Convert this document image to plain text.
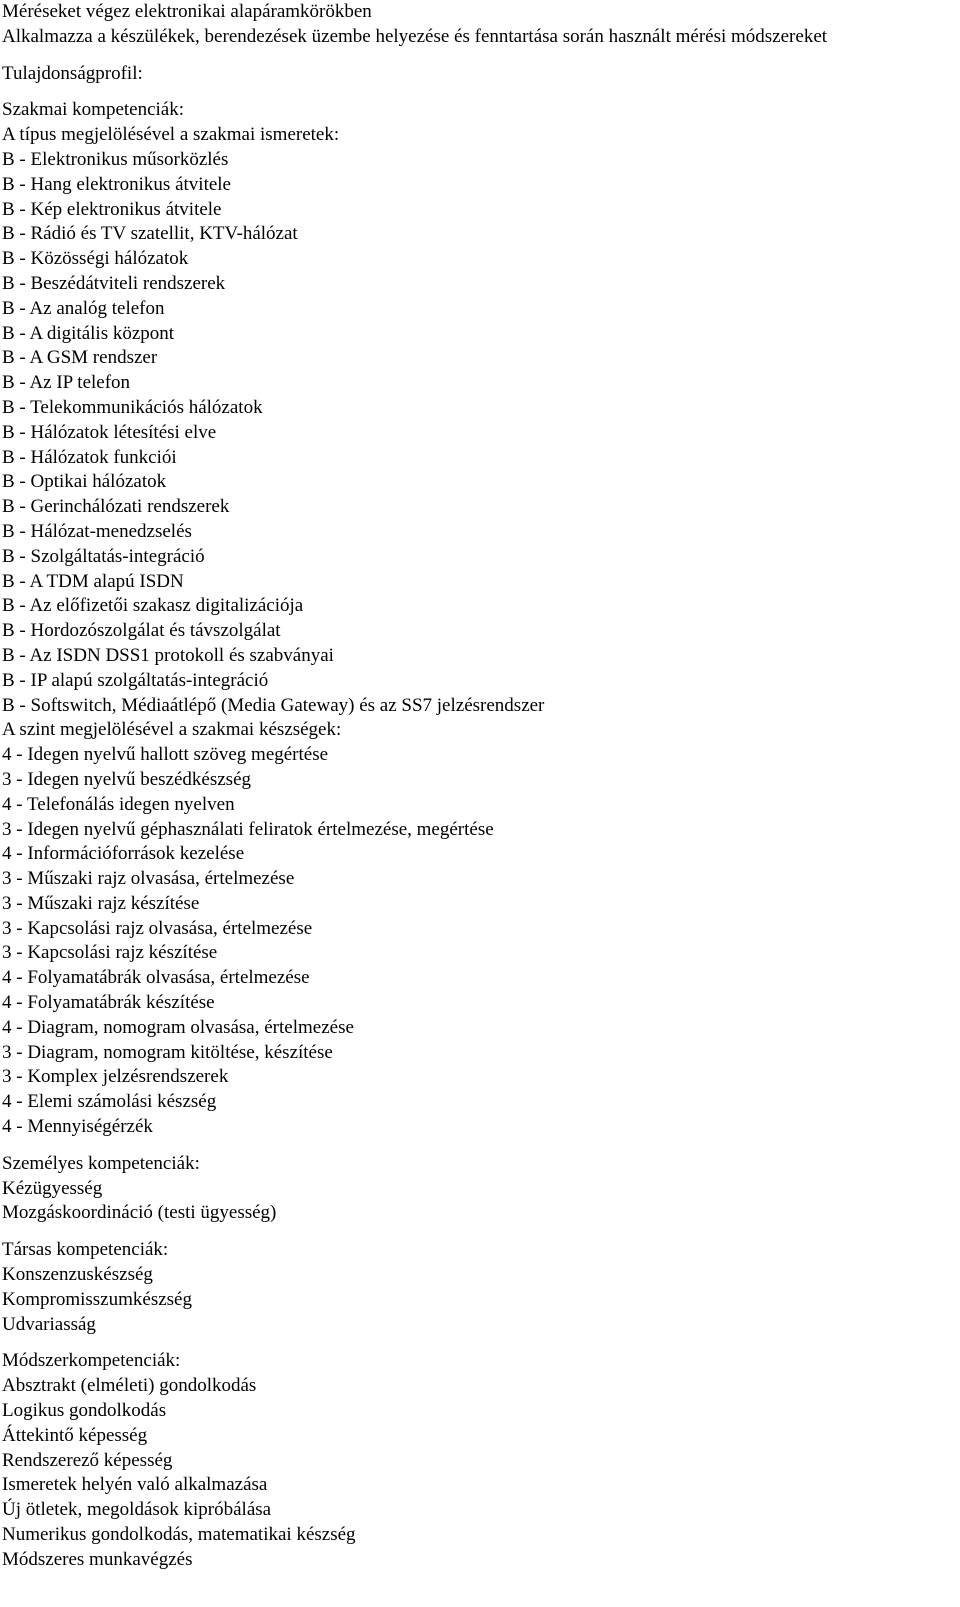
Méréseket végez elektronikai alapáramkörökben
Alkalmazza a készülékek, berendezések üzembe helyezése és fenntartása során használt mérési módszereket
Tulajdonságprofil:
Szakmai kompetenciák:
A típus megjelölésével a szakmai ismeretek:
B - Elektronikus műsorközlés
B - Hang elektronikus átvitele
B - Kép elektronikus átvitele
B - Rádió és TV szatellit, KTV-hálózat
B - Közösségi hálózatok
B - Beszédátviteli rendszerek
B - Az analóg telefon
B - A digitális központ
B - A GSM rendszer
B - Az IP telefon
B - Telekommunikációs hálózatok
B - Hálózatok létesítési elve
B - Hálózatok funkciói
B - Optikai hálózatok
B - Gerinchálózati rendszerek
B - Hálózat-menedzselés
B - Szolgáltatás-integráció
B - A TDM alapú ISDN
B - Az előfizetői szakasz digitalizációja
B - Hordozószolgálat és távszolgálat
B - Az ISDN DSS1 protokoll és szabványai
B - IP alapú szolgáltatás-integráció
B - Softswitch, Médiaátlépő (Media Gateway) és az SS7 jelzésrendszer
A szint megjelölésével a szakmai készségek:
4 - Idegen nyelvű hallott szöveg megértése
3 - Idegen nyelvű beszédkészség
4 - Telefonálás idegen nyelven
3 - Idegen nyelvű géphasználati feliratok értelmezése, megértése
4 - Információforrások kezelése
3 - Műszaki rajz olvasása, értelmezése
3 - Műszaki rajz készítése
3 - Kapcsolási rajz olvasása, értelmezése
3 - Kapcsolási rajz készítése
4 - Folyamatábrák olvasása, értelmezése
4 - Folyamatábrák készítése
4 - Diagram, nomogram olvasása, értelmezése
3 - Diagram, nomogram kitöltése, készítése
3 - Komplex jelzésrendszerek
4 - Elemi számolási készség
4 - Mennyiségérzék
Személyes kompetenciák:
Kézügyesség
Mozgáskoordináció (testi ügyesség)
Társas kompetenciák:
Konszenzuskészség
Kompromisszumkészség
Udvariasság
Módszerkompetenciák:
Absztrakt (elméleti) gondolkodás
Logikus gondolkodás
Áttekintő képesség
Rendszerező képesség
Ismeretek helyén való alkalmazása
Új ötletek, megoldások kipróbálása
Numerikus gondolkodás, matematikai készség
Módszeres munkavégzés
